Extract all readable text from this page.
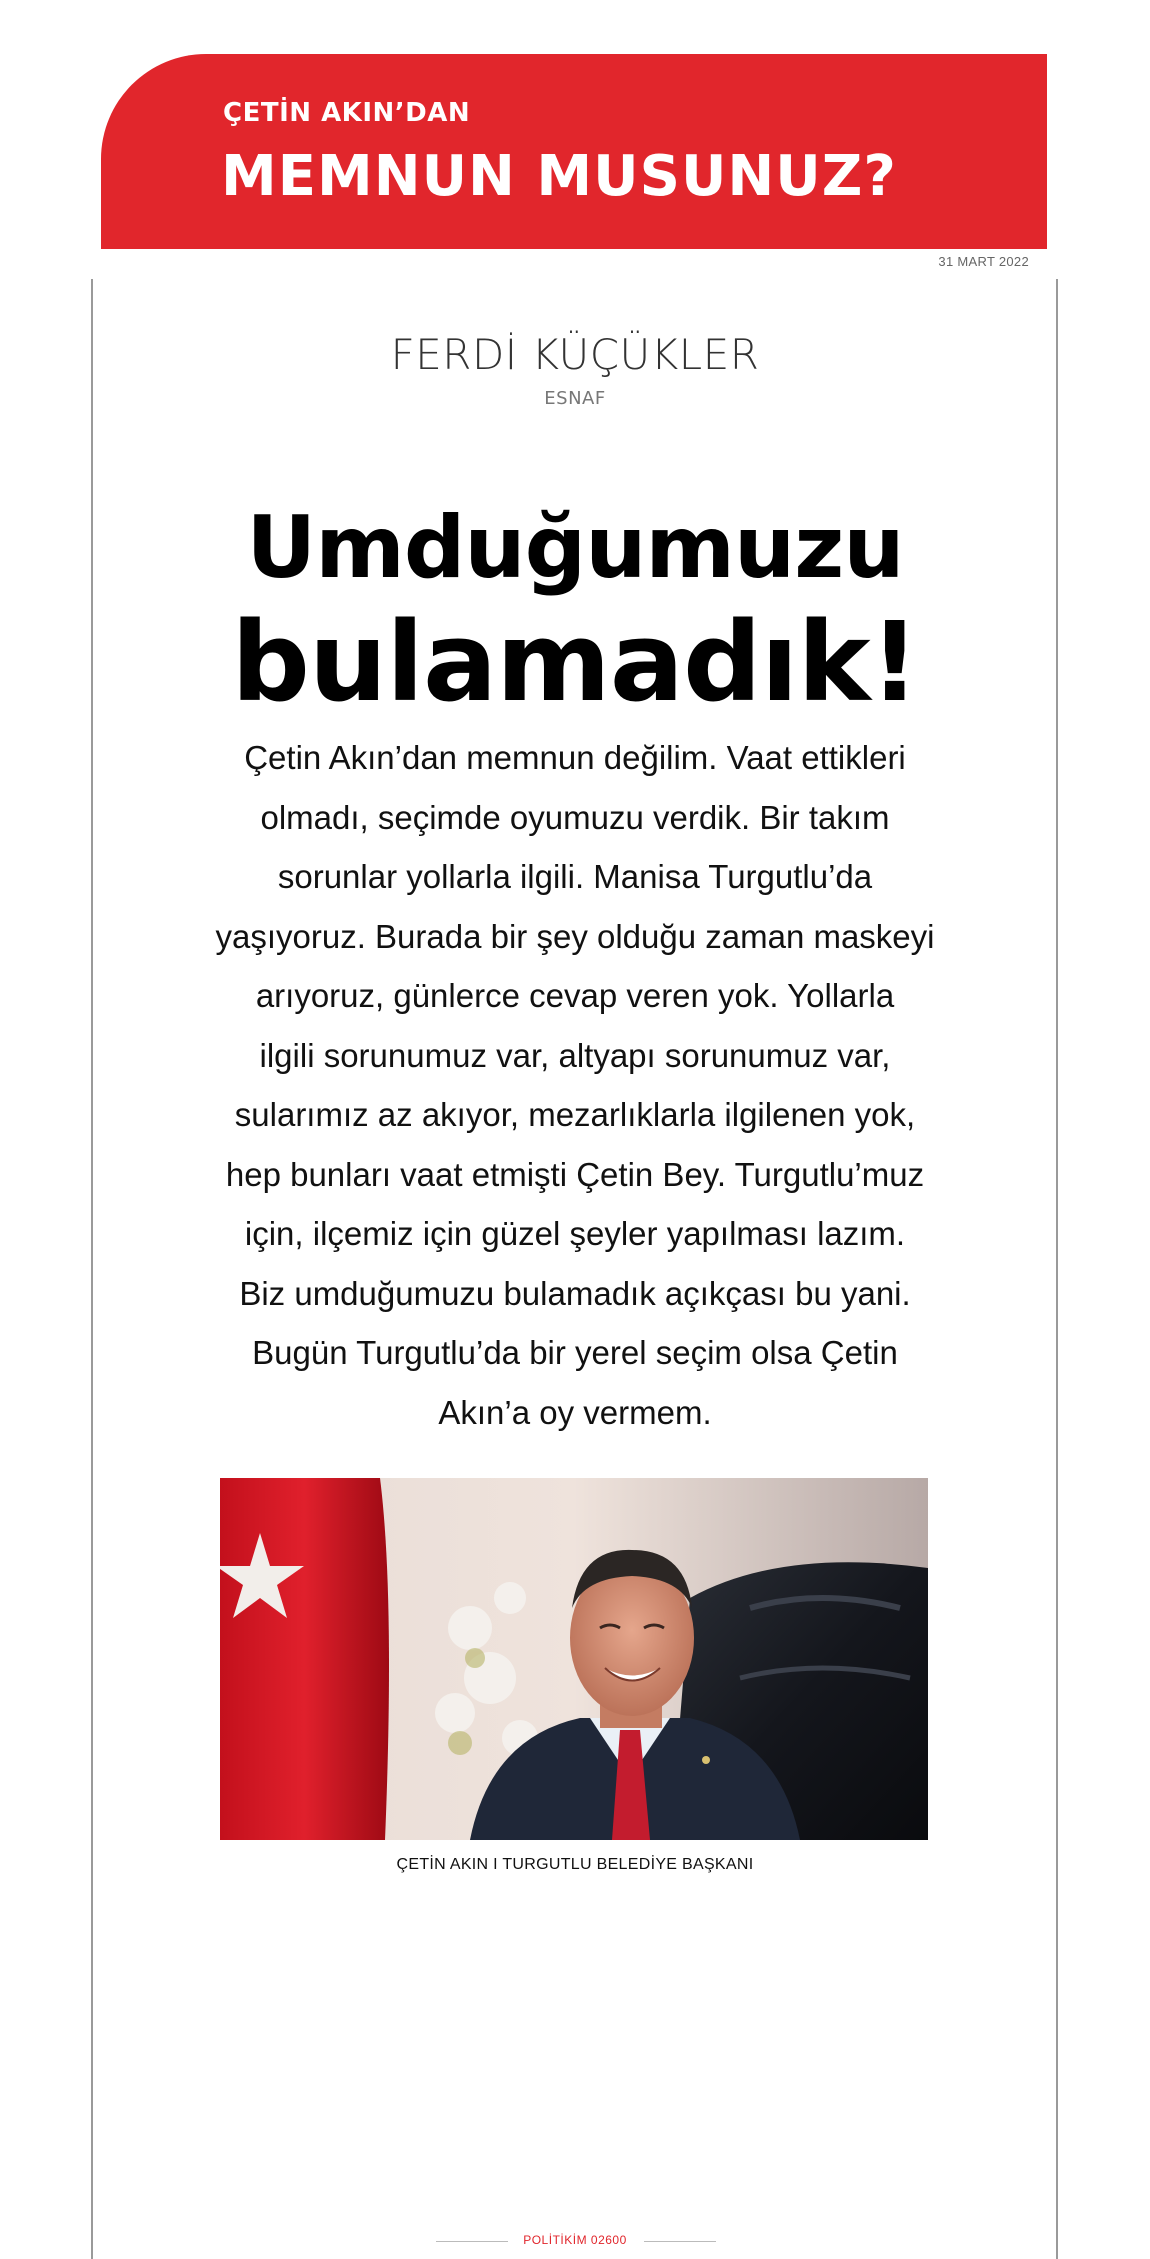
ÇETİN AKIN’DAN
MEMNUN MUSUNUZ?
31 MART 2022
FERDİ KÜÇÜKLER
ESNAF
Umduğumuzu
bulamadık!
Çetin Akın’dan memnun değilim. Vaat ettikleri
olmadı, seçimde oyumuzu verdik. Bir takım
sorunlar yollarla ilgili. Manisa Turgutlu’da
yaşıyoruz. Burada bir şey olduğu zaman maskeyi
arıyoruz, günlerce cevap veren yok. Yollarla
ilgili sorunumuz var, altyapı sorunumuz var,
sularımız az akıyor, mezarlıklarla ilgilenen yok,
hep bunları vaat etmişti Çetin Bey. Turgutlu’muz
için, ilçemiz için güzel şeyler yapılması lazım.
Biz umduğumuzu bulamadık açıkçası bu yani.
Bugün Turgutlu’da bir yerel seçim olsa Çetin
Akın’a oy vermem.
ÇETİN AKIN I TURGUTLU BELEDİYE BAŞKANI
POLİTİKİM 02600
